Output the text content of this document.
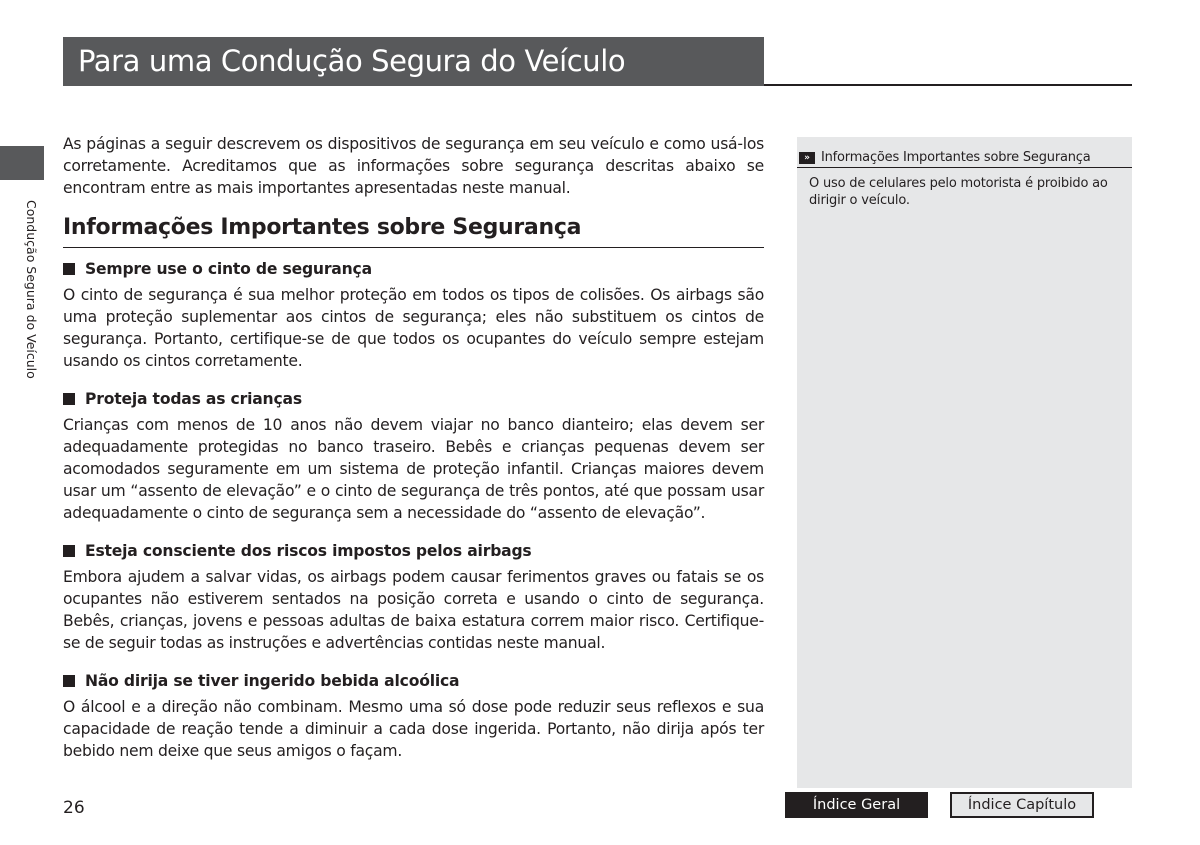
Para uma Condução Segura do Veículo
Condução Segura do Veículo

As páginas a seguir descrevem os dispositivos de segurança em seu veículo e como usá-los corretamente. Acreditamos que as informações sobre segurança descritas abaixo se encontram entre as mais importantes apresentadas neste manual.

Informações Importantes sobre Segurança
Sempre use o cinto de segurança

O cinto de segurança é sua melhor proteção em todos os tipos de colisões. Os airbags são uma proteção suplementar aos cintos de segurança; eles não substituem os cintos de segurança. Portanto, certifique-se de que todos os ocupantes do veículo sempre estejam usando os cintos corretamente.

Proteja todas as crianças

Crianças com menos de 10 anos não devem viajar no banco dianteiro; elas devem ser adequadamente protegidas no banco traseiro. Bebês e crianças pequenas devem ser acomodados seguramente em um sistema de proteção infantil. Crianças maiores devem usar um “assento de elevação” e o cinto de segurança de três pontos, até que possam usar adequadamente o cinto de segurança sem a necessidade do “assento de elevação”.

Esteja consciente dos riscos impostos pelos airbags

Embora ajudem a salvar vidas, os airbags podem causar ferimentos graves ou fatais se os ocupantes não estiverem sentados na posição correta e usando o cinto de segurança. Bebês, crianças, jovens e pessoas adultas de baixa estatura correm maior risco. Certifique-se de seguir todas as instruções e advertências contidas neste manual.

Não dirija se tiver ingerido bebida alcoólica

O álcool e a direção não combinam. Mesmo uma só dose pode reduzir seus reflexos e sua capacidade de reação tende a diminuir a cada dose ingerida. Portanto, não dirija após ter bebido nem deixe que seus amigos o façam.

» Informações Importantes sobre Segurança

O uso de celulares pelo motorista é proibido ao dirigir o veículo.

26	Índice Geral	Índice Capítulo
